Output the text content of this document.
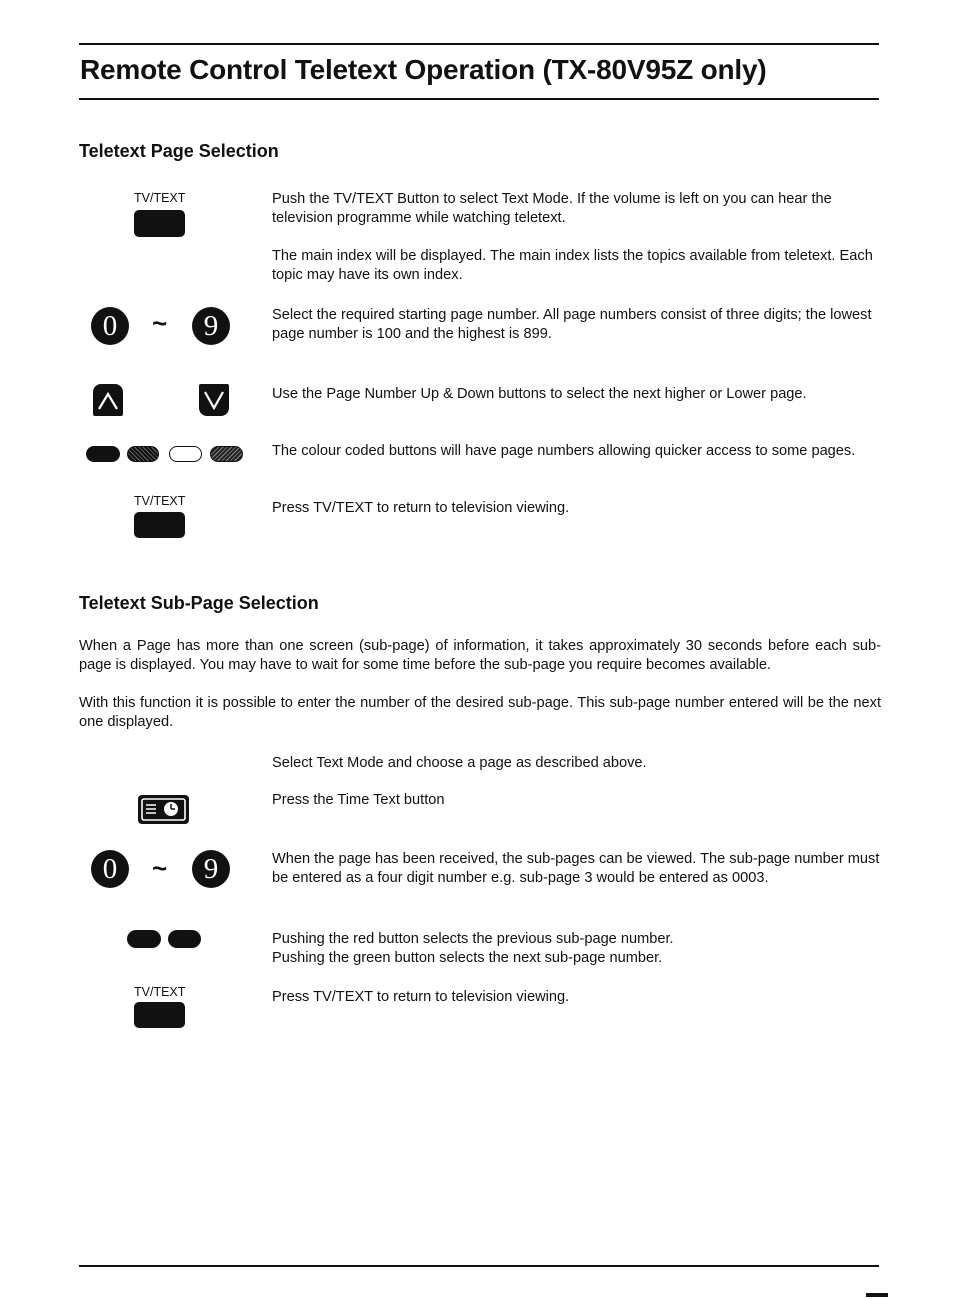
Remote Control Teletext Operation (TX-80V95Z only)
Teletext Page Selection
TV/TEXT	Push the TV/TEXT Button to select Text Mode. If the volume is left on you can hear the television programme while watching teletext.

The main index will be displayed. The main index lists the topics available from teletext. Each topic may have its own index.

0	~	9	Select the required starting page number. All page numbers consist of three digits; the lowest page number is 100 and the highest is 899.
Use the Page Number Up & Down buttons to select the next higher or Lower page.
The colour coded buttons will have page numbers allowing quicker access to some pages.
TV/TEXT	Press TV/TEXT to return to television viewing.
Teletext Sub-Page Selection
When a Page has more than one screen (sub-page) of information, it takes approximately 30 seconds before each sub-page is displayed. You may have to wait for some time before the sub-page you require becomes available.
With this function it is possible to enter the number of the desired sub-page. This sub-page number entered will be the next one displayed.
Select Text Mode and choose a page as described above.
Press the Time Text button
0	~	9	When the page has been received, the sub-pages can be viewed. The sub-page number must be entered as a four digit number e.g. sub-page 3 would be entered as 0003.

Pushing the red button selects the previous sub-page number.

Pushing the green button selects the next sub-page number.

TV/TEXT	Press TV/TEXT to return to television viewing.
